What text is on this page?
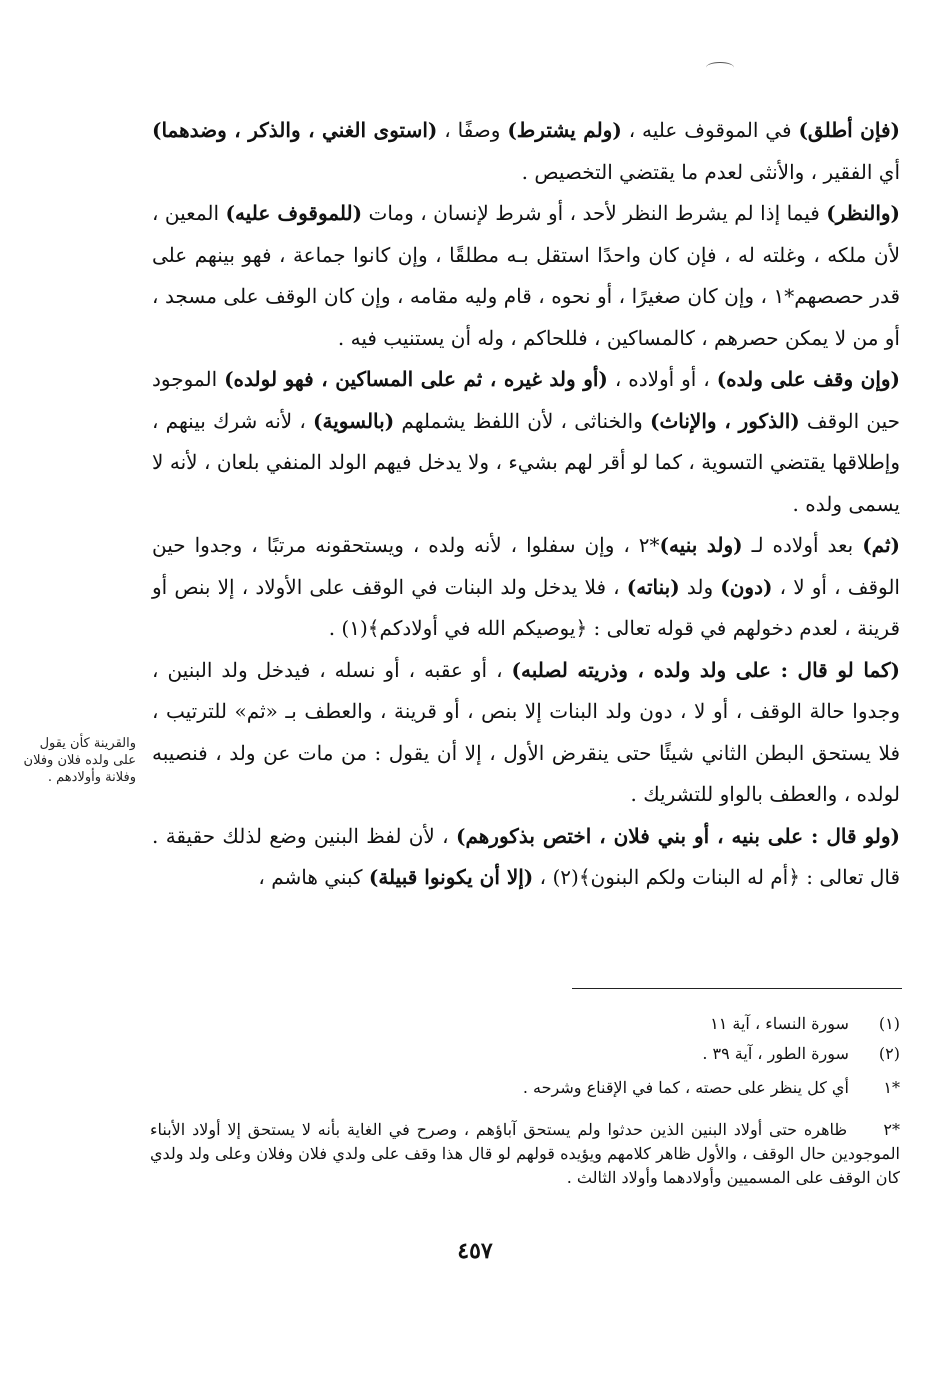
(فإن أطلق) في الموقوف عليه ، (ولم يشترط) وصفًا ، (استوى الغني ، والذكر ، وضدهما) أي الفقير ، والأنثى لعدم ما يقتضي التخصيص .

(والنظر) فيما إذا لم يشرط النظر لأحد ، أو شرط لإنسان ، ومات (للموقوف عليه) المعين ، لأن ملكه ، وغلته له ، فإن كان واحدًا استقل بـه مطلقًا ، وإن كانوا جماعة ، فهو بينهم على قدر حصصهم*١ ، وإن كان صغيرًا ، أو نحوه ، قام وليه مقامه ، وإن كان الوقف على مسجد ، أو من لا يمكن حصرهم ، كالمساكين ، فللحاكم ، وله أن يستنيب فيه .

(وإن وقف على ولده) ، أو أولاده ، (أو ولد غيره ، ثم على المساكين ، فهو لولده) الموجود حين الوقف (الذكور ، والإناث) والخناثى ، لأن اللفظ يشملهم (بالسوية) ، لأنه شرك بينهم ، وإطلاقها يقتضي التسوية ، كما لو أقر لهم بشيء ، ولا يدخل فيهم الولد المنفي بلعان ، لأنه لا يسمى ولده .

(ثم) بعد أولاده لـ (ولد بنيه)*٢ ، وإن سفلوا ، لأنه ولده ، ويستحقونه مرتبًا ، وجدوا حين الوقف ، أو لا ، (دون) ولد (بناته) ، فلا يدخل ولد البنات في الوقف على الأولاد ، إلا بنص أو قرينة ، لعدم دخولهم في قوله تعالى : ﴿يوصيكم الله في أولادكم﴾(١) .

(كما لو قال : على ولد ولده ، وذريته لصلبه) ، أو عقبه ، أو نسله ، فيدخل ولد البنين ، وجدوا حالة الوقف ، أو لا ، دون ولد البنات إلا بنص ، أو قرينة ، والعطف بـ «ثم» للترتيب ، فلا يستحق البطن الثاني شيئًا حتى ينقرض الأول ، إلا أن يقول : من مات عن ولد ، فنصيبه لولده ، والعطف بالواو للتشريك .

(ولو قال : على بنيه ، أو بني فلان ، اختص بذكورهم) ، لأن لفظ البنين وضع لذلك حقيقة . قال تعالى : ﴿أم له البنات ولكم البنون﴾(٢) ، (إلا أن يكونوا قبيلة) كبني هاشم ،

والقرينة كأن يقول على ولده فلان وفلان وفلانة وأولادهم .
(١) سورة النساء ، آية ١١
(٢) سورة الطور ، آية ٣٩ .
*١ أي كل ينظر على حصته ، كما في الإقناع وشرحه .
*٢ ظاهره حتى أولاد البنين الذين حدثوا ولم يستحق آباؤهم ، وصرح في الغاية بأنه لا يستحق إلا أولاد الأبناء الموجودين حال الوقف ، والأول ظاهر كلامهم ويؤيده قولهم لو قال هذا وقف على ولدي فلان وفلان وعلى ولد ولدي كان الوقف على المسميين وأولادهما وأولاد الثالث .
٤٥٧
